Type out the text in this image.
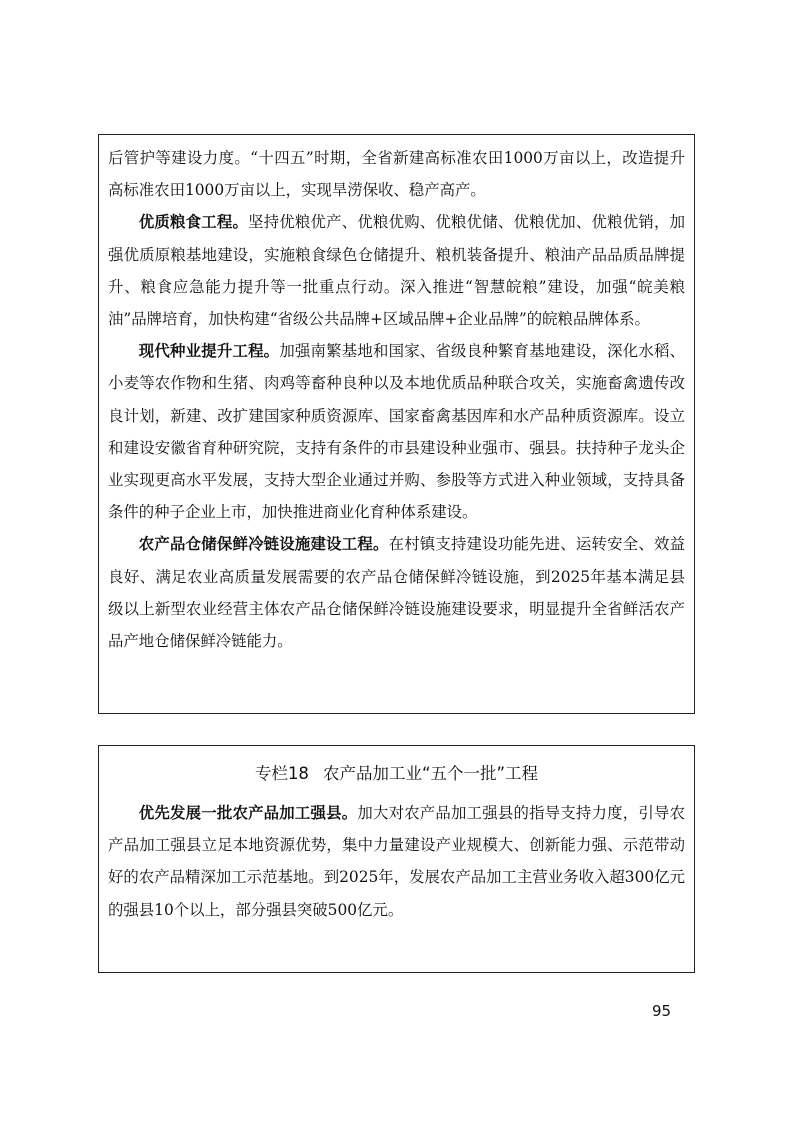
后管护等建设力度。“十四五”时期，全省新建高标准农田1000万亩以上，改造提升高标准农田1000万亩以上，实现旱涝保收、稳产高产。

优质粮食工程。坚持优粮优产、优粮优购、优粮优储、优粮优加、优粮优销，加强优质原粮基地建设，实施粮食绿色仓储提升、粮机装备提升、粮油产品品质品牌提升、粮食应急能力提升等一批重点行动。深入推进“智慧皖粮”建设，加强“皖美粮油”品牌培育，加快构建“省级公共品牌+区域品牌+企业品牌”的皖粮品牌体系。

现代种业提升工程。加强南繁基地和国家、省级良种繁育基地建设，深化水稻、小麦等农作物和生猪、肉鸡等畜种良种以及本地优质品种联合攻关，实施畜禽遗传改良计划，新建、改扩建国家种质资源库、国家畜禽基因库和水产品种质资源库。设立和建设安徽省育种研究院，支持有条件的市县建设种业强市、强县。扶持种子龙头企业实现更高水平发展，支持大型企业通过并购、参股等方式进入种业领域，支持具备条件的种子企业上市，加快推进商业化育种体系建设。

农产品仓储保鲜冷链设施建设工程。在村镇支持建设功能先进、运转安全、效益良好、满足农业高质量发展需要的农产品仓储保鲜冷链设施，到2025年基本满足县级以上新型农业经营主体农产品仓储保鲜冷链设施建设要求，明显提升全省鲜活农产品产地仓储保鲜冷链能力。

专栏18 农产品加工业“五个一批”工程

优先发展一批农产品加工强县。加大对农产品加工强县的指导支持力度，引导农产品加工强县立足本地资源优势，集中力量建设产业规模大、创新能力强、示范带动好的农产品精深加工示范基地。到2025年，发展农产品加工主营业务收入超300亿元的强县10个以上，部分强县突破500亿元。

95
